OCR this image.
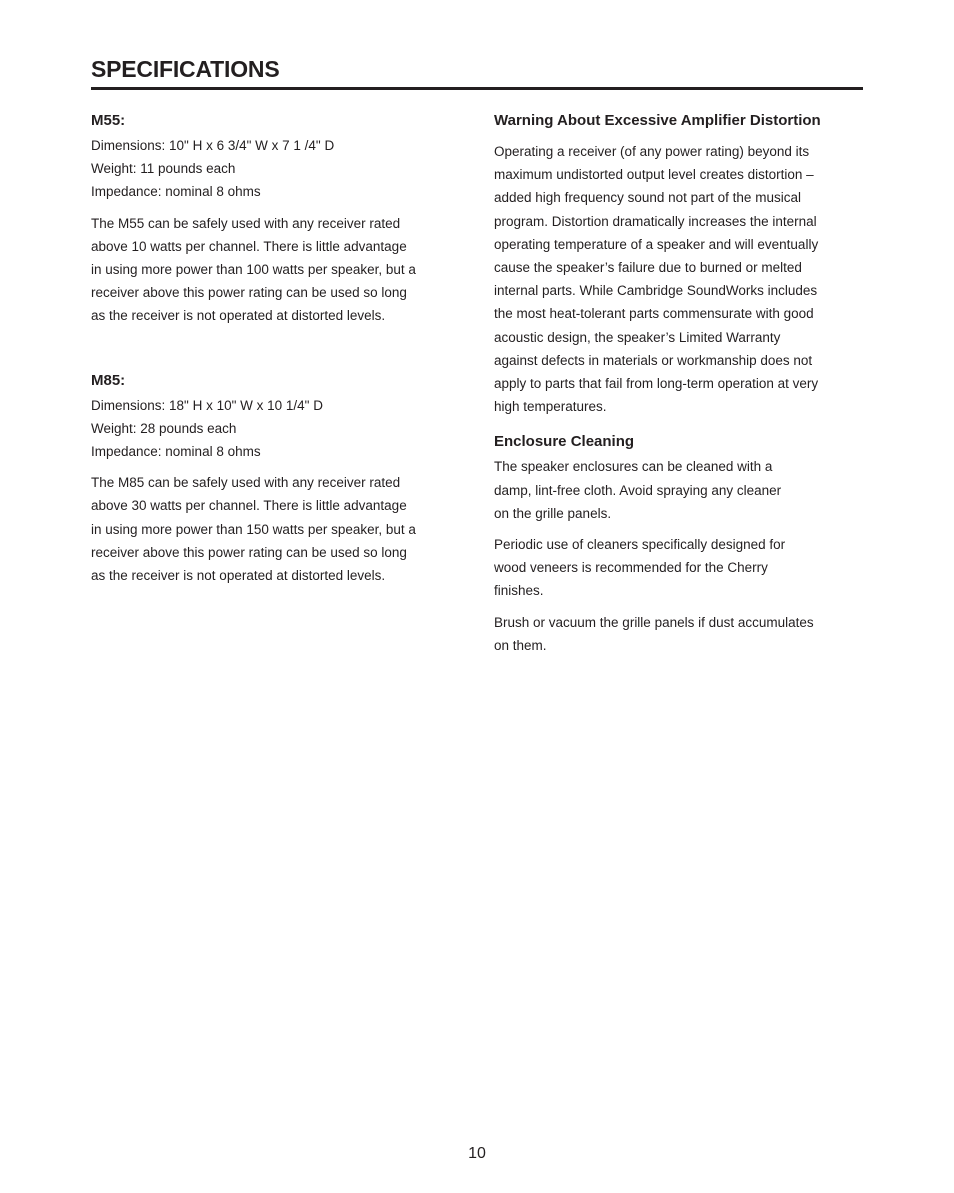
SPECIFICATIONS
M55:
Dimensions: 10" H x 6 3/4" W x 7 1 /4" D
Weight: 11 pounds each
Impedance: nominal 8 ohms

The M55 can be safely used with any receiver rated
above 10 watts per channel. There is little advantage
in using more power than 100 watts per speaker, but a
receiver above this power rating can be used so long
as the receiver is not operated at distorted levels.

M85:
Dimensions: 18" H x 10" W x 10 1/4" D
Weight: 28 pounds each
Impedance: nominal 8 ohms

The M85 can be safely used with any receiver rated
above 30 watts per channel. There is little advantage
in using more power than 150 watts per speaker, but a
receiver above this power rating can be used so long
as the receiver is not operated at distorted levels.

Warning About Excessive Amplifier Distortion

Operating a receiver (of any power rating) beyond its
maximum undistorted output level creates distortion –
added high frequency sound not part of the musical
program. Distortion dramatically increases the internal
operating temperature of a speaker and will eventually
cause the speaker’s failure due to burned or melted
internal parts. While Cambridge SoundWorks includes
the most heat-tolerant parts commensurate with good
acoustic design, the speaker’s Limited Warranty
against defects in materials or workmanship does not
apply to parts that fail from long-term operation at very
high temperatures.

Enclosure Cleaning

The speaker enclosures can be cleaned with a
damp, lint-free cloth. Avoid spraying any cleaner
on the grille panels.

Periodic use of cleaners specifically designed for
wood veneers is recommended for the Cherry
finishes.

Brush or vacuum the grille panels if dust accumulates
on them.

10
